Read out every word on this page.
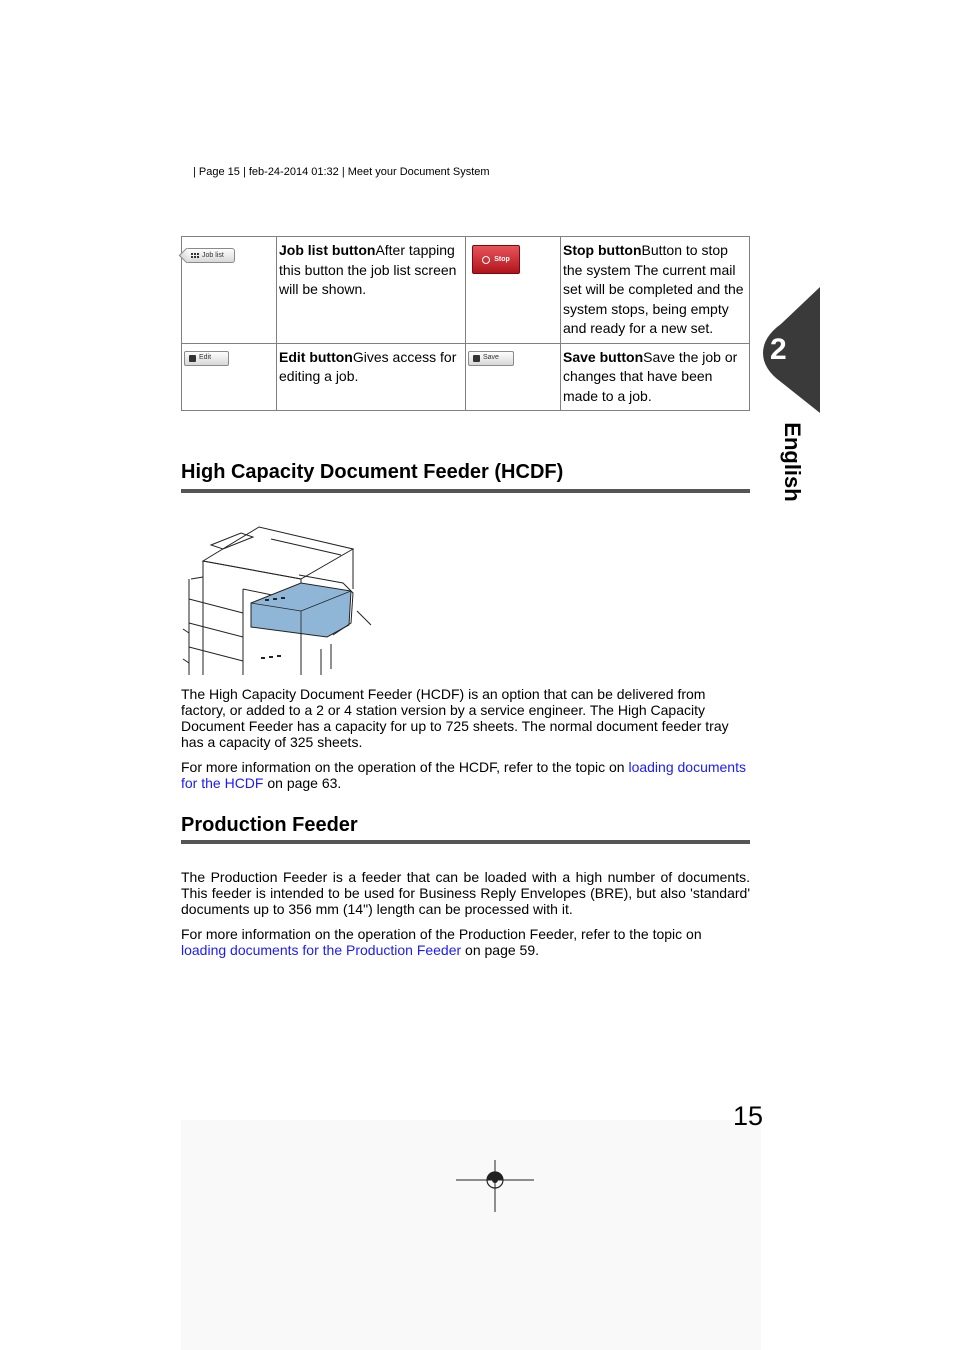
| Page 15 | feb-24-2014 01:32 | Meet your Document System
Job list	Job list buttonAfter tapping this button the job list screen will be shown.	Stop	Stop buttonButton to stop the system The current mail set will be completed and the system stops, being empty and ready for a new set.

Edit	Edit buttonGives access for editing a job.	Save	Save buttonSave the job or changes that have been made to a job.
High Capacity Document Feeder (HCDF)

The High Capacity Document Feeder (HCDF) is an option that can be delivered from factory, or added to a 2 or 4 station version by a service engineer. The High Capacity Document Feeder has a capacity for up to 725 sheets. The normal document feeder tray has a capacity of 325 sheets.

For more information on the operation of the HCDF, refer to the topic on loading documents for the HCDF on page 63.

Production Feeder

The Production Feeder is a feeder that can be loaded with a high number of documents. This feeder is intended to be used for Business Reply Envelopes (BRE), but also 'standard' documents up to 356 mm (14") length can be processed with it.

For more information on the operation of the Production Feeder, refer to the topic on loading documents for the Production Feeder on page 59.

2
English
15
